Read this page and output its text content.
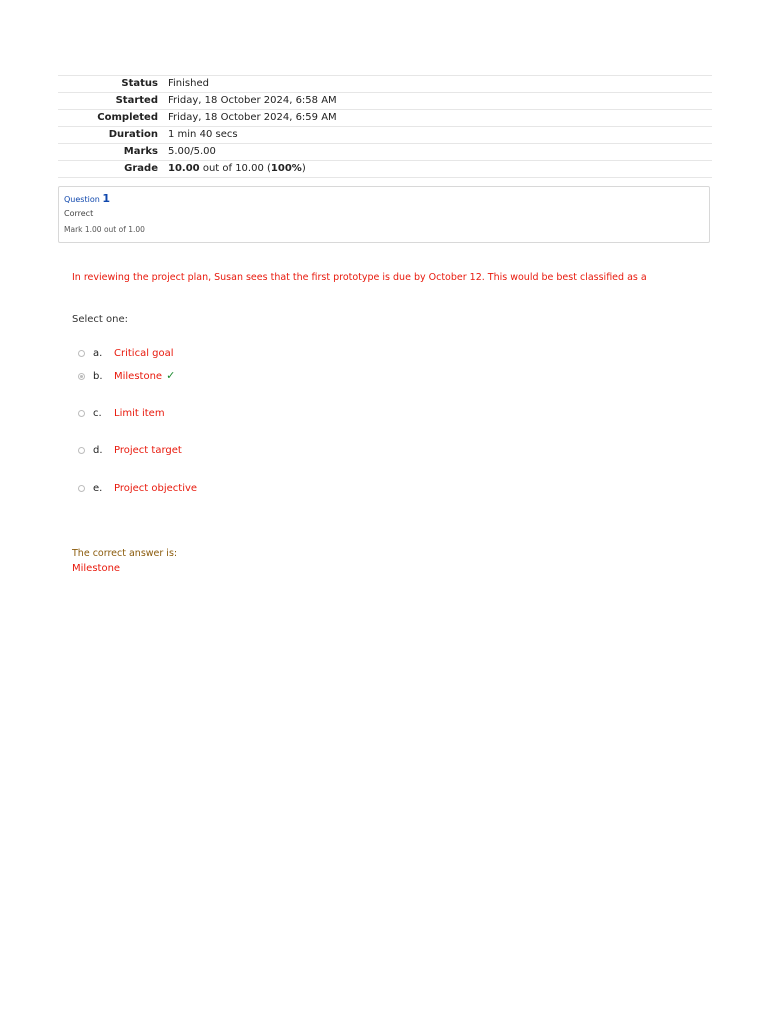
Status	Finished
Started	Friday, 18 October 2024, 6:58 AM
Completed	Friday, 18 October 2024, 6:59 AM
Duration	1 min 40 secs
Marks	5.00/5.00
Grade	10.00 out of 10.00 (100%)
Question 1
Correct
Mark 1.00 out of 1.00
In reviewing the project plan, Susan sees that the first prototype is due by October 12. This would be best classified as a
Select one:
a.	Critical goal
b.	Milestone ✓
c.	Limit item
d.	Project target
e.	Project objective
The correct answer is:
Milestone
